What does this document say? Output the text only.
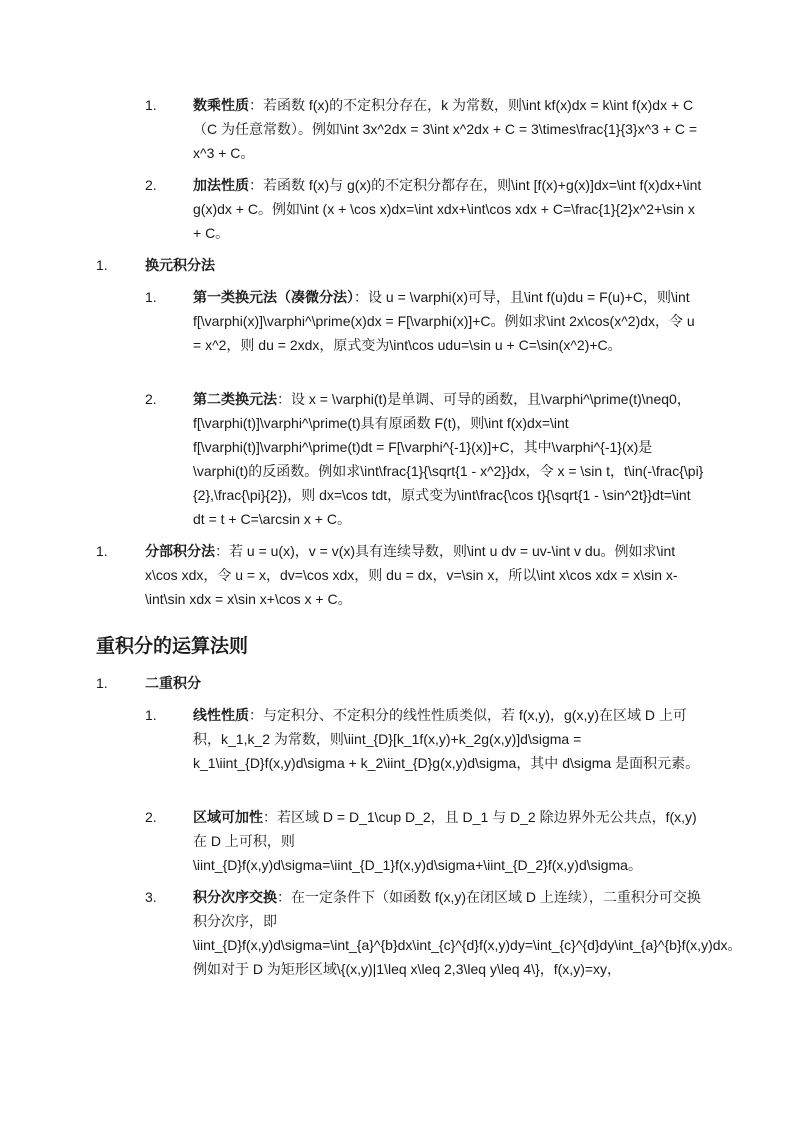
1.	数乘性质：若函数 f(x)的不定积分存在，k 为常数，则\int kf(x)dx = k\int f(x)dx + C（C 为任意常数）。例如\int 3x^2dx = 3\int x^2dx + C = 3\times\frac{1}{3}x^3 + C = x^3 + C。
2.	加法性质：若函数 f(x)与 g(x)的不定积分都存在，则\int [f(x)+g(x)]dx=\int f(x)dx+\int g(x)dx + C。例如\int (x + \cos x)dx=\int xdx+\int\cos xdx + C=\frac{1}{2}x^2+\sin x + C。
1.	换元积分法
1.	第一类换元法（凑微分法）：设 u = \varphi(x)可导，且\int f(u)du = F(u)+C，则\int f[\varphi(x)]\varphi^\prime(x)dx = F[\varphi(x)]+C。例如求\int 2x\cos(x^2)dx，令 u = x^2，则 du = 2xdx，原式变为\int\cos udu=\sin u + C=\sin(x^2)+C。
2.	第二类换元法：设 x = \varphi(t)是单调、可导的函数，且\varphi^\prime(t)\neq0，f[\varphi(t)]\varphi^\prime(t)具有原函数 F(t)，则\int f(x)dx=\int f[\varphi(t)]\varphi^\prime(t)dt = F[\varphi^{-1}(x)]+C，其中\varphi^{-1}(x)是\varphi(t)的反函数。例如求\int\frac{1}{\sqrt{1 - x^2}}dx，令 x = \sin t，t\in(-\frac{\pi}{2},\frac{\pi}{2})，则 dx=\cos tdt，原式变为\int\frac{\cos t}{\sqrt{1 - \sin^2t}}dt=\int dt = t + C=\arcsin x + C。
1.	分部积分法：若 u = u(x)，v = v(x)具有连续导数，则\int u dv = uv-\int v du。例如求\int x\cos xdx，令 u = x，dv=\cos xdx，则 du = dx，v=\sin x，所以\int x\cos xdx = x\sin x-\int\sin xdx = x\sin x+\cos x + C。
重积分的运算法则
1.	二重积分
1.	线性性质：与定积分、不定积分的线性性质类似，若 f(x,y)，g(x,y)在区域 D 上可积，k_1,k_2 为常数，则\iint_{D}[k_1f(x,y)+k_2g(x,y)]d\sigma = k_1\iint_{D}f(x,y)d\sigma + k_2\iint_{D}g(x,y)d\sigma，其中 d\sigma 是面积元素。
2.	区域可加性：若区域 D = D_1\cup D_2，且 D_1 与 D_2 除边界外无公共点，f(x,y)在 D 上可积，则\iint_{D}f(x,y)d\sigma=\iint_{D_1}f(x,y)d\sigma+\iint_{D_2}f(x,y)d\sigma。
3.	积分次序交换：在一定条件下（如函数 f(x,y)在闭区域 D 上连续），二重积分可交换积分次序，即\iint_{D}f(x,y)d\sigma=\int_{a}^{b}dx\int_{c}^{d}f(x,y)dy=\int_{c}^{d}dy\int_{a}^{b}f(x,y)dx。例如对于 D 为矩形区域\{(x,y)|1\leq x\leq 2,3\leq y\leq 4\}，f(x,y)=xy，
